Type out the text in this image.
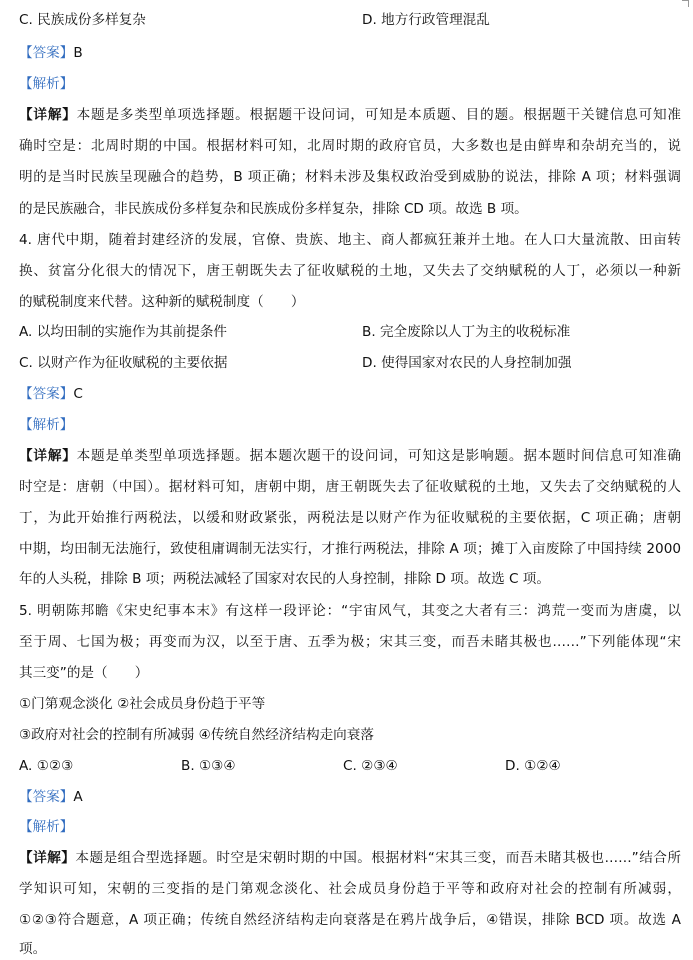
C. 民族成份多样复杂	D. 地方行政管理混乱
【答案】B
【解析】
【详解】本题是多类型单项选择题。根据题干设问词，可知是本质题、目的题。根据题干关键信息可知准
确时空是：北周时期的中国。根据材料可知，北周时期的政府官员，大多数也是由鲜卑和杂胡充当的，说
明的是当时民族呈现融合的趋势，B 项正确；材料未涉及集权政治受到威胁的说法，排除 A 项；材料强调
的是民族融合，非民族成份多样复杂和民族成份多样复杂，排除 CD 项。故选 B 项。
4. 唐代中期，随着封建经济的发展，官僚、贵族、地主、商人都疯狂兼并土地。在人口大量流散、田亩转
换、贫富分化很大的情况下，唐王朝既失去了征收赋税的土地，又失去了交纳赋税的人丁，必须以一种新
的赋税制度来代替。这种新的赋税制度（　　）
A. 以均田制的实施作为其前提条件	B. 完全废除以人丁为主的收税标准
C. 以财产作为征收赋税的主要依据	D. 使得国家对农民的人身控制加强
【答案】C
【解析】
【详解】本题是单类型单项选择题。据本题次题干的设问词，可知这是影响题。据本题时间信息可知准确
时空是：唐朝（中国）。据材料可知，唐朝中期，唐王朝既失去了征收赋税的土地，又失去了交纳赋税的人
丁，为此开始推行两税法，以缓和财政紧张，两税法是以财产作为征收赋税的主要依据，C 项正确；唐朝
中期，均田制无法施行，致使租庸调制无法实行，才推行两税法，排除 A 项；摊丁入亩废除了中国持续 2000
年的人头税，排除 B 项；两税法减轻了国家对农民的人身控制，排除 D 项。故选 C 项。
5. 明朝陈邦瞻《宋史纪事本末》有这样一段评论：“宇宙风气，其变之大者有三：鸿荒一变而为唐虞，以
至于周、七国为极；再变而为汉，以至于唐、五季为极；宋其三变，而吾未睹其极也……”下列能体现“宋
其三变”的是（　　）
①门第观念淡化 ②社会成员身份趋于平等
③政府对社会的控制有所减弱 ④传统自然经济结构走向衰落
A. ①②③	B. ①③④	C. ②③④	D. ①②④
【答案】A
【解析】
【详解】本题是组合型选择题。时空是宋朝时期的中国。根据材料“宋其三变，而吾未睹其极也……”结合所
学知识可知，宋朝的三变指的是门第观念淡化、社会成员身份趋于平等和政府对社会的控制有所减弱，
①②③符合题意，A 项正确；传统自然经济结构走向衰落是在鸦片战争后，④错误，排除 BCD 项。故选 A
项。
